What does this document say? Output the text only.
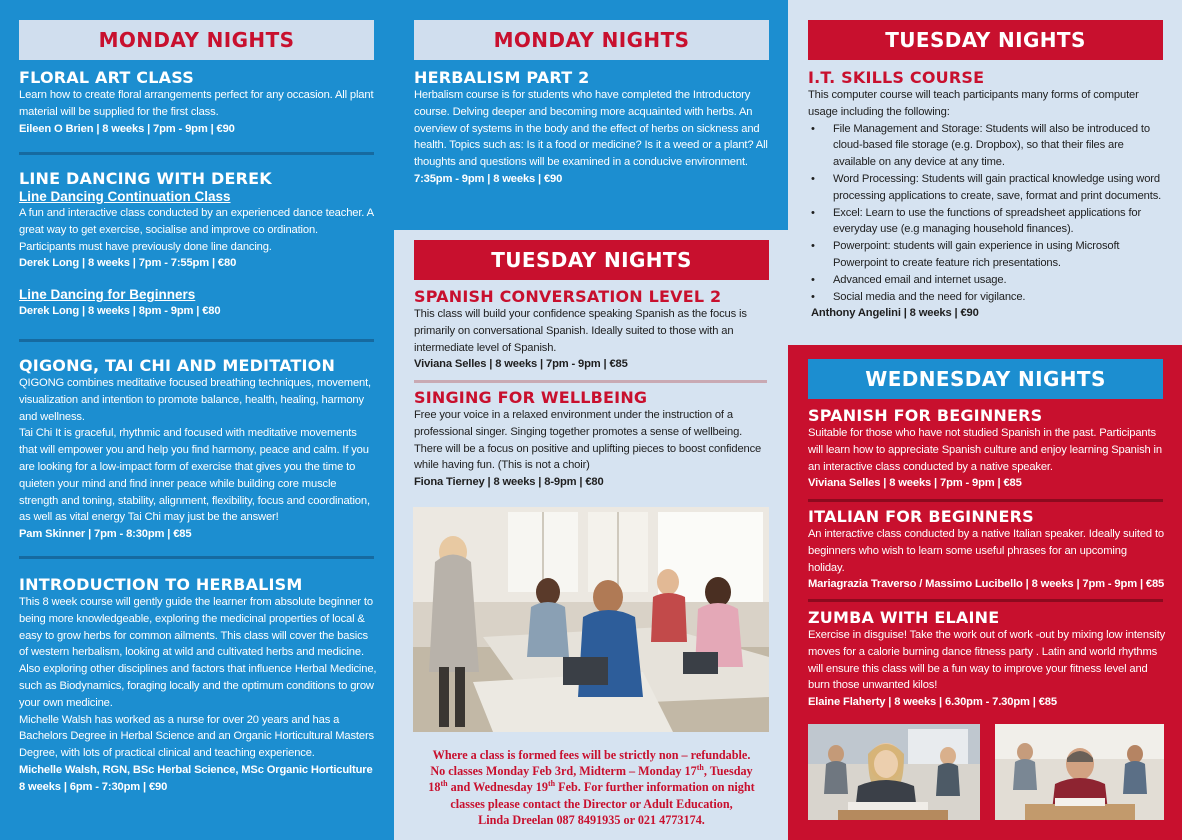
MONDAY NIGHTS
FLORAL ART CLASS
Learn how to create floral arrangements perfect for any occasion. All plant material will be supplied for the first class.
Eileen O Brien | 8 weeks | 7pm - 9pm | €90
LINE DANCING WITH DEREK
Line Dancing Continuation Class
A fun and interactive class conducted by an experienced dance teacher. A great way to get exercise, socialise and improve co ordination. Participants must have previously done line dancing.
Derek Long | 8 weeks | 7pm - 7:55pm | €80
Line Dancing for Beginners
Derek Long | 8 weeks | 8pm - 9pm | €80
QIGONG, TAI CHI AND MEDITATION
QIGONG combines meditative focused breathing techniques, movement, visualization and intention to promote balance, health, healing, harmony and wellness.
Tai Chi It is graceful, rhythmic and focused with meditative movements that will empower you and help you find harmony, peace and calm. If you are looking for a low-impact form of exercise that gives you the time to quieten your mind and find inner peace while building core muscle strength and toning, stability, alignment, flexibility, focus and coordination, as well as vital energy Tai Chi may just be the answer!
Pam Skinner | 7pm - 8:30pm | €85
INTRODUCTION TO HERBALISM
This 8 week course will gently guide the learner from absolute beginner to being more knowledgeable, exploring the medicinal properties of local & easy to grow herbs for common ailments. This class will cover the basics of western herbalism, looking at wild and cultivated herbs and medicine. Also exploring other disciplines and factors that influence Herbal Medicine, such as Biodynamics, foraging locally and the optimum conditions to grow your own medicine.
Michelle Walsh has worked as a nurse for over 20 years and has a Bachelors Degree in Herbal Science and an Organic Horticultural Masters Degree, with lots of practical clinical and teaching experience.
Michelle Walsh, RGN, BSc Herbal Science, MSc Organic Horticulture
8 weeks | 6pm - 7:30pm | €90
MONDAY NIGHTS
HERBALISM PART 2
Herbalism course is for students who have completed the Introductory course. Delving deeper and becoming more acquainted with herbs. An overview of systems in the body and the effect of herbs on sickness and health. Topics such as: Is it a food or medicine? Is it a weed or a plant? All thoughts and questions will be examined in a conducive environment.
7:35pm - 9pm | 8 weeks | €90
TUESDAY NIGHTS
SPANISH CONVERSATION LEVEL 2
This class will build your confidence speaking Spanish as the focus is primarily on conversational Spanish. Ideally suited to those with an intermediate level of Spanish.
Viviana Selles | 8 weeks | 7pm - 9pm | €85
SINGING FOR WELLBEING
Free your voice in a relaxed environment under the instruction of a professional singer. Singing together promotes a sense of wellbeing. There will be a focus on positive and uplifting pieces to boost confidence while having fun. (This is not a choir)
Fiona Tierney | 8 weeks | 8-9pm | €80
Where a class is formed fees will be strictly non – refundable.
No classes Monday Feb 3rd, Midterm – Monday 17th, Tuesday
18th and Wednesday 19th Feb. For further information on night
classes please contact the Director or Adult Education,
Linda Dreelan 087 8491935 or 021 4773174.
TUESDAY NIGHTS
I.T. SKILLS COURSE
This computer course will teach participants many forms of computer usage including the following:
• File Management and Storage: Students will also be introduced to cloud-based file storage (e.g. Dropbox), so that their files are available on any device at any time.
• Word Processing: Students will gain practical knowledge using word processing applications to create, save, format and print documents.
• Excel: Learn to use the functions of spreadsheet applications for everyday use (e.g managing household finances).
• Powerpoint: students will gain experience in using Microsoft Powerpoint to create feature rich presentations.
• Advanced email and internet usage.
• Social media and the need for vigilance.
Anthony Angelini | 8 weeks | €90
WEDNESDAY NIGHTS
SPANISH FOR BEGINNERS
Suitable for those who have not studied Spanish in the past. Participants will learn how to appreciate Spanish culture and enjoy learning Spanish in an interactive class conducted by a native speaker.
Viviana Selles | 8 weeks | 7pm - 9pm | €85
ITALIAN FOR BEGINNERS
An interactive class conducted by a native Italian speaker. Ideally suited to beginners who wish to learn some useful phrases for an upcoming holiday.
Mariagrazia Traverso / Massimo Lucibello | 8 weeks | 7pm - 9pm | €85
ZUMBA WITH ELAINE
Exercise in disguise! Take the work out of work -out by mixing low intensity moves for a calorie burning dance fitness party . Latin and world rhythms will ensure this class will be a fun way to improve your fitness level and burn those unwanted kilos!
Elaine Flaherty | 8 weeks | 6.30pm - 7.30pm | €85
